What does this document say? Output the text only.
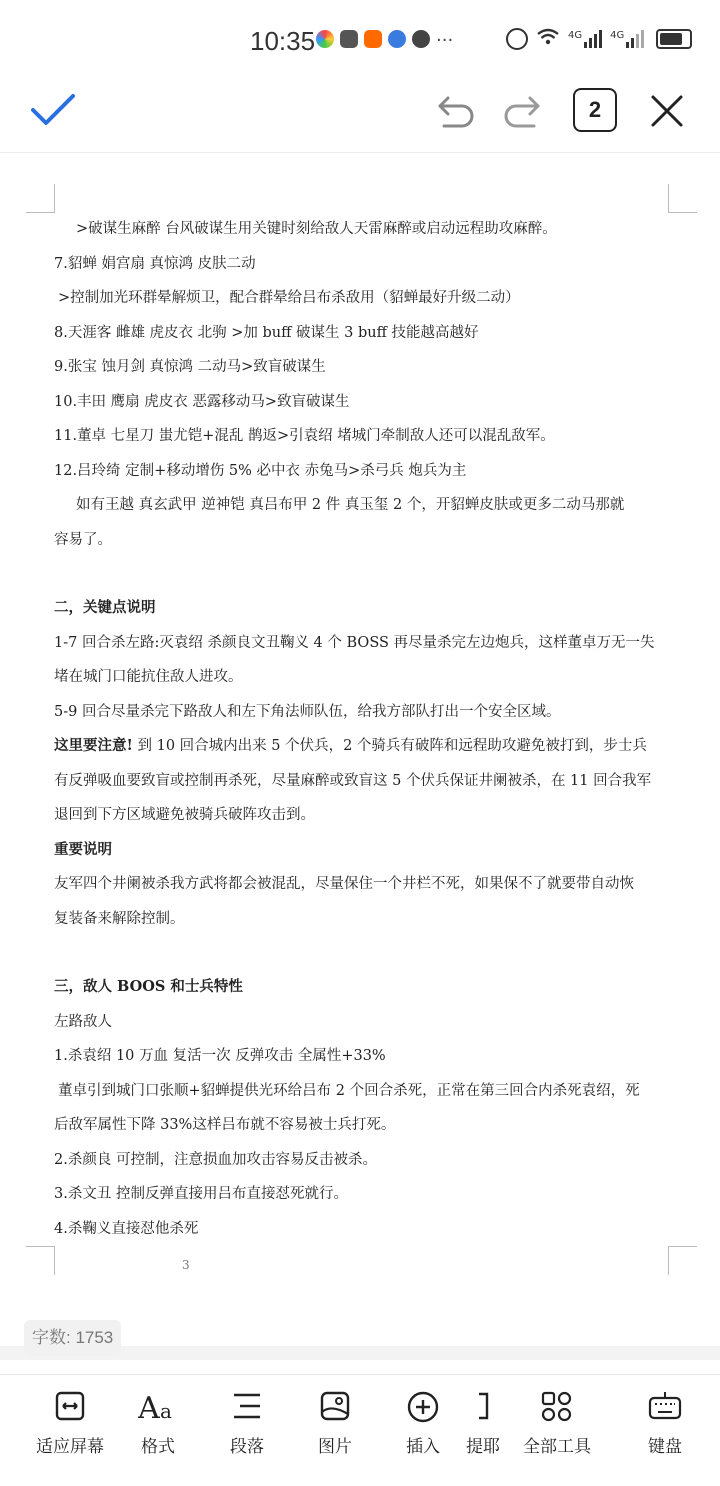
10:35	···	4G	4G
2

>破谋生麻醉 台风破谋生用关键时刻给敌人天雷麻醉或启动远程助攻麻醉。

7.貂蝉 娟宫扇 真惊鸿 皮肤二动

>控制加光环群晕解烦卫，配合群晕给吕布杀敌用（貂蝉最好升级二动）

8.天涯客 雌雄 虎皮衣 北驹 >加 buff 破谋生 3 buff 技能越高越好

9.张宝 蚀月剑 真惊鸿 二动马>致盲破谋生

10.丰田 鹰扇 虎皮衣 恶露移动马>致盲破谋生

11.董卓 七星刀 蚩尤铠+混乱 鹊返>引袁绍 堵城门牵制敌人还可以混乱敌军。

12.吕玲绮 定制+移动增伤 5% 必中衣 赤兔马>杀弓兵 炮兵为主

如有王越 真玄武甲 逆神铠 真吕布甲 2 件 真玉玺 2 个，开貂蝉皮肤或更多二动马那就

容易了。

二，关键点说明

1-7 回合杀左路:灭袁绍 杀颜良文丑鞠义 4 个 BOSS 再尽量杀完左边炮兵，这样董卓万无一失

堵在城门口能抗住敌人进攻。

5-9 回合尽量杀完下路敌人和左下角法师队伍，给我方部队打出一个安全区域。

这里要注意! 到 10 回合城内出来 5 个伏兵，2 个骑兵有破阵和远程助攻避免被打到，步士兵

有反弹吸血要致盲或控制再杀死，尽量麻醉或致盲这 5 个伏兵保证井阑被杀，在 11 回合我军

退回到下方区域避免被骑兵破阵攻击到。

重要说明

友军四个井阑被杀我方武将都会被混乱，尽量保住一个井栏不死，如果保不了就要带自动恢

复装备来解除控制。

三，敌人 BOOS 和士兵特性

左路敌人

1.杀袁绍 10 万血 复活一次 反弹攻击 全属性+33%

董卓引到城门口张顺+貂蝉提供光环给吕布 2 个回合杀死，正常在第三回合内杀死袁绍，死

后敌军属性下降 33%这样吕布就不容易被士兵打死。

2.杀颜良 可控制，注意损血加攻击容易反击被杀。

3.杀文丑 控制反弹直接用吕布直接怼死就行。

4.杀鞠义直接怼他杀死

3
字数: 1753
适应屏幕
A a
格式	段落	图片	插入	提耶	全部工具	键盘
